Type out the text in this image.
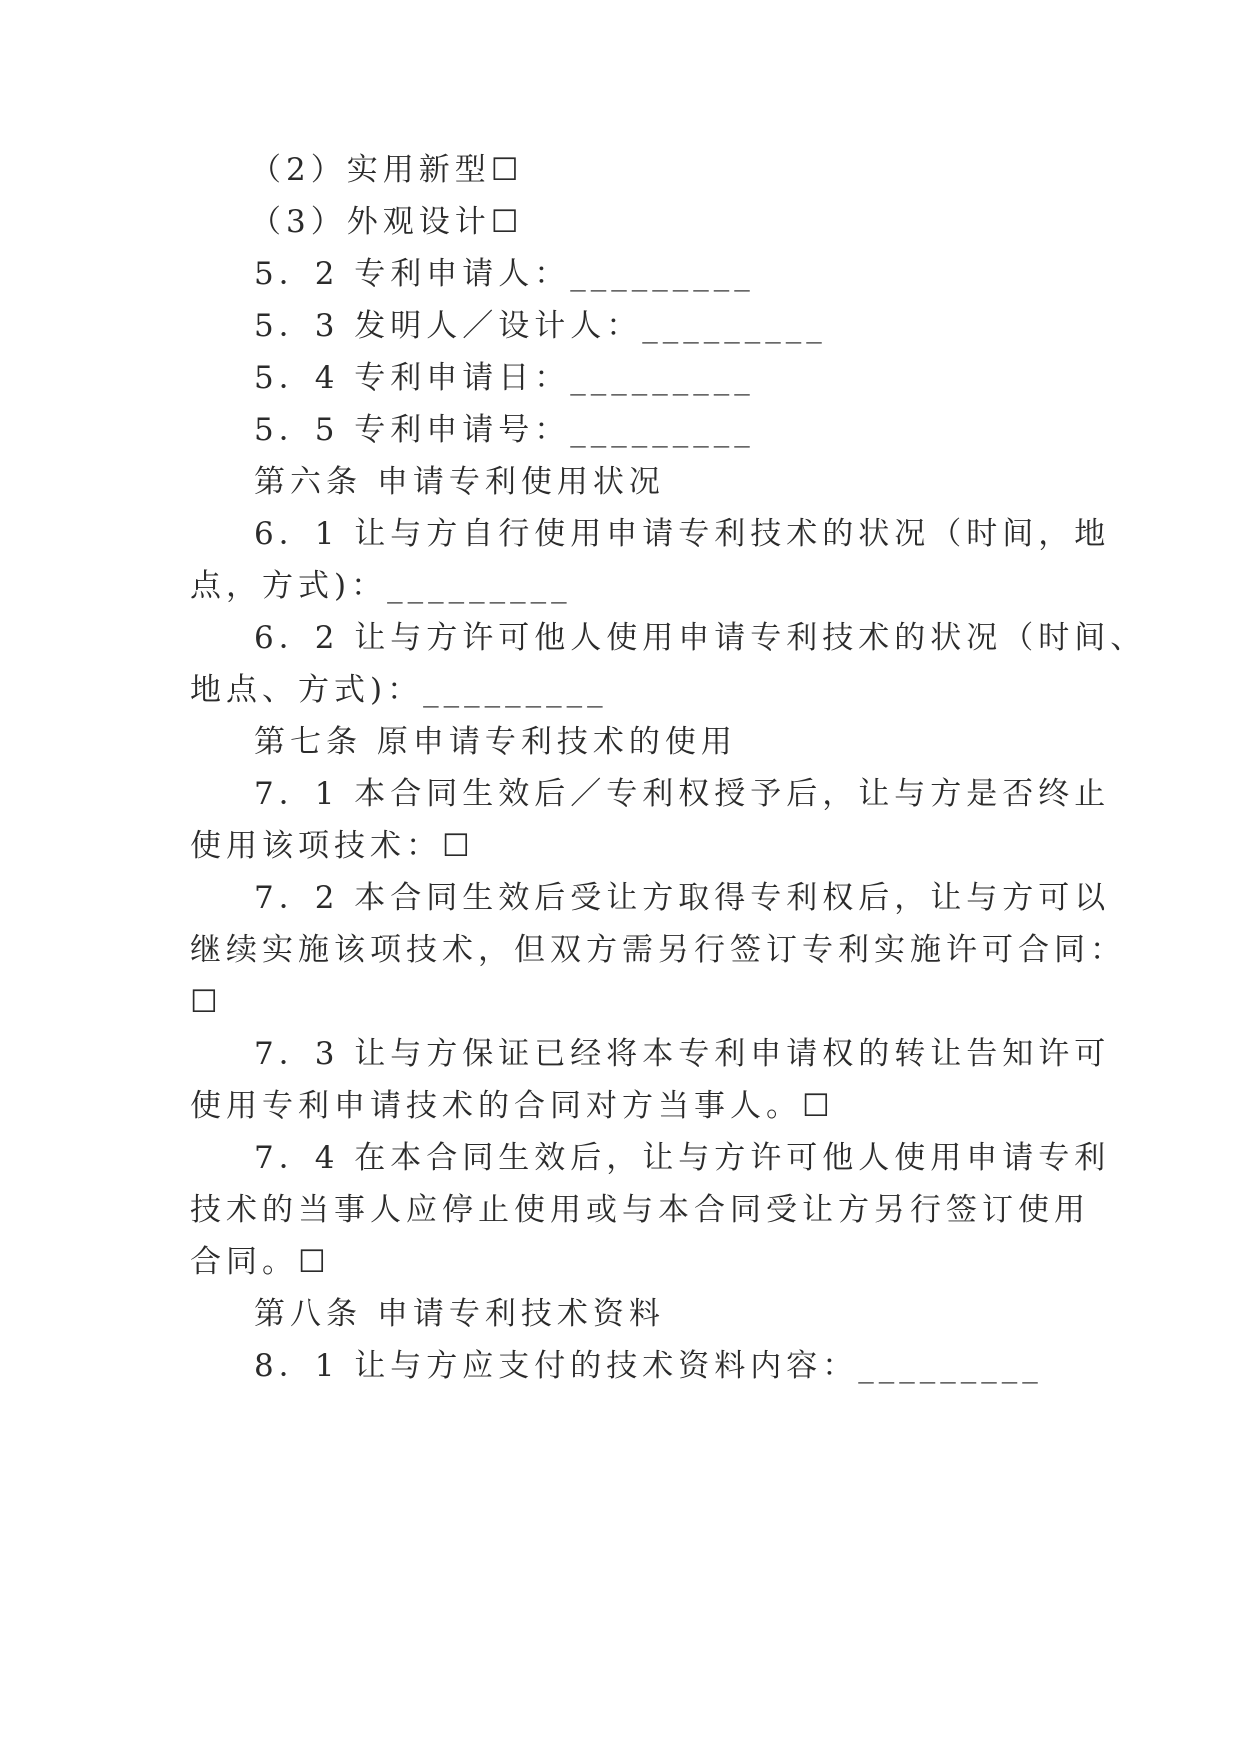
（2）实用新型☐
（3）外观设计☐
5．2 专利申请人：_________
5．3 发明人／设计人：_________
5．4 专利申请日：_________
5．5 专利申请号：_________
第六条 申请专利使用状况
6．1 让与方自行使用申请专利技术的状况（时间，地
点，方式)：_________
6．2 让与方许可他人使用申请专利技术的状况（时间、
地点、方式)：_________
第七条 原申请专利技术的使用
7．1 本合同生效后／专利权授予后，让与方是否终止
使用该项技术：☐
7．2 本合同生效后受让方取得专利权后，让与方可以
继续实施该项技术，但双方需另行签订专利实施许可合同：
☐
7．3 让与方保证已经将本专利申请权的转让告知许可
使用专利申请技术的合同对方当事人。☐
7．4 在本合同生效后，让与方许可他人使用申请专利
技术的当事人应停止使用或与本合同受让方另行签订使用
合同。☐
第八条 申请专利技术资料
8．1 让与方应支付的技术资料内容：_________
